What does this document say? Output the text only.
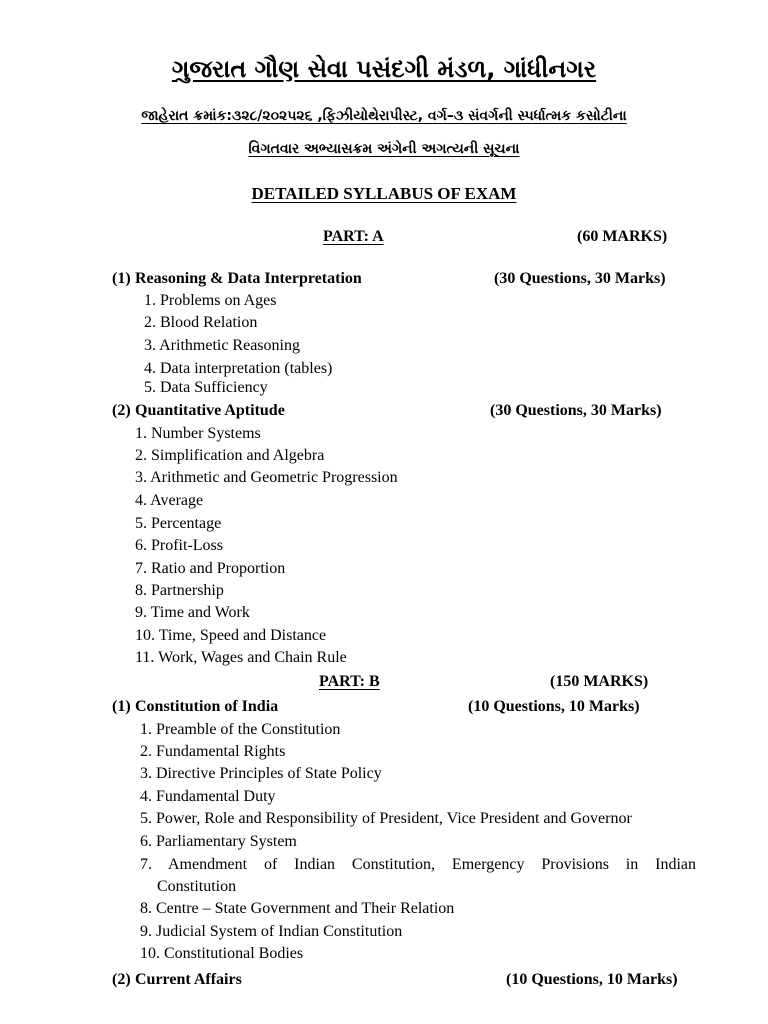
ગુજરાત ગૌણ સેવા પસંદગી મંડળ, ગાંધીનગર
જાહેરાત ક્રમાંક:૩૨૮/૨૦૨૫૨૬ ,ફિઝીયોથેરાપીસ્ટ, વર્ગ–૩ સંવર્ગની સ્પર્ધાત્મક કસોટીના
વિગતવાર અભ્યાસક્રમ અંગેની અગત્યની સૂચના
DETAILED SYLLABUS OF EXAM
PART: A	(60 MARKS)
(1) Reasoning & Data Interpretation	(30 Questions, 30 Marks)
1. Problems on Ages
2. Blood Relation
3. Arithmetic Reasoning
4. Data interpretation (tables)
5. Data Sufficiency
(2) Quantitative Aptitude	(30 Questions, 30 Marks)
1. Number Systems
2. Simplification and Algebra
3. Arithmetic and Geometric Progression
4. Average
5. Percentage
6. Profit-Loss
7. Ratio and Proportion
8. Partnership
9. Time and Work
10. Time, Speed and Distance
11. Work, Wages and Chain Rule
PART: B	(150 MARKS)
(1) Constitution of India	(10 Questions, 10 Marks)
1. Preamble of the Constitution
2. Fundamental Rights
3. Directive Principles of State Policy
4. Fundamental Duty
5. Power, Role and Responsibility of President, Vice President and Governor
6. Parliamentary System
7. Amendment of Indian Constitution, Emergency Provisions in Indian
Constitution
8. Centre – State Government and Their Relation
9. Judicial System of Indian Constitution
10. Constitutional Bodies
(2) Current Affairs	(10 Questions, 10 Marks)
